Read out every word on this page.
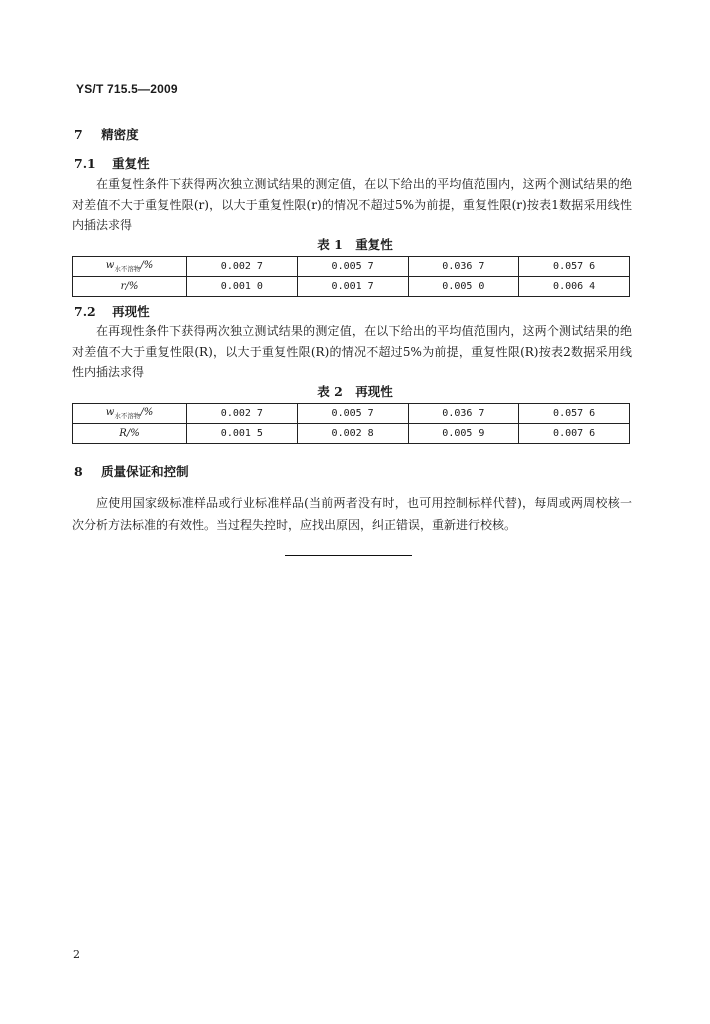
YS/T 715.5—2009
7 精密度
7.1 重复性

在重复性条件下获得两次独立测试结果的测定值，在以下给出的平均值范围内，这两个测试结果的绝对差值不大于重复性限(r)，以大于重复性限(r)的情况不超过5%为前提，重复性限(r)按表1数据采用线性内插法求得

表 1　重复性
$w_{水不溶物}/\%$	0.002 7	0.005 7	0.036 7	0.057 6
r/%	0.001 0	0.001 7	0.005 0	0.006 4
7.2 再现性

在再现性条件下获得两次独立测试结果的测定值，在以下给出的平均值范围内，这两个测试结果的绝对差值不大于重复性限(R)，以大于重复性限(R)的情况不超过5%为前提，重复性限(R)按表2数据采用线性内插法求得

表 2　再现性
$w_{水不溶物}/\%$	0.002 7	0.005 7	0.036 7	0.057 6
R/%	0.001 5	0.002 8	0.005 9	0.007 6
8 质量保证和控制

应使用国家级标准样品或行业标准样品(当前两者没有时，也可用控制标样代替)，每周或两周校核一次分析方法标准的有效性。当过程失控时，应找出原因，纠正错误，重新进行校核。

2
